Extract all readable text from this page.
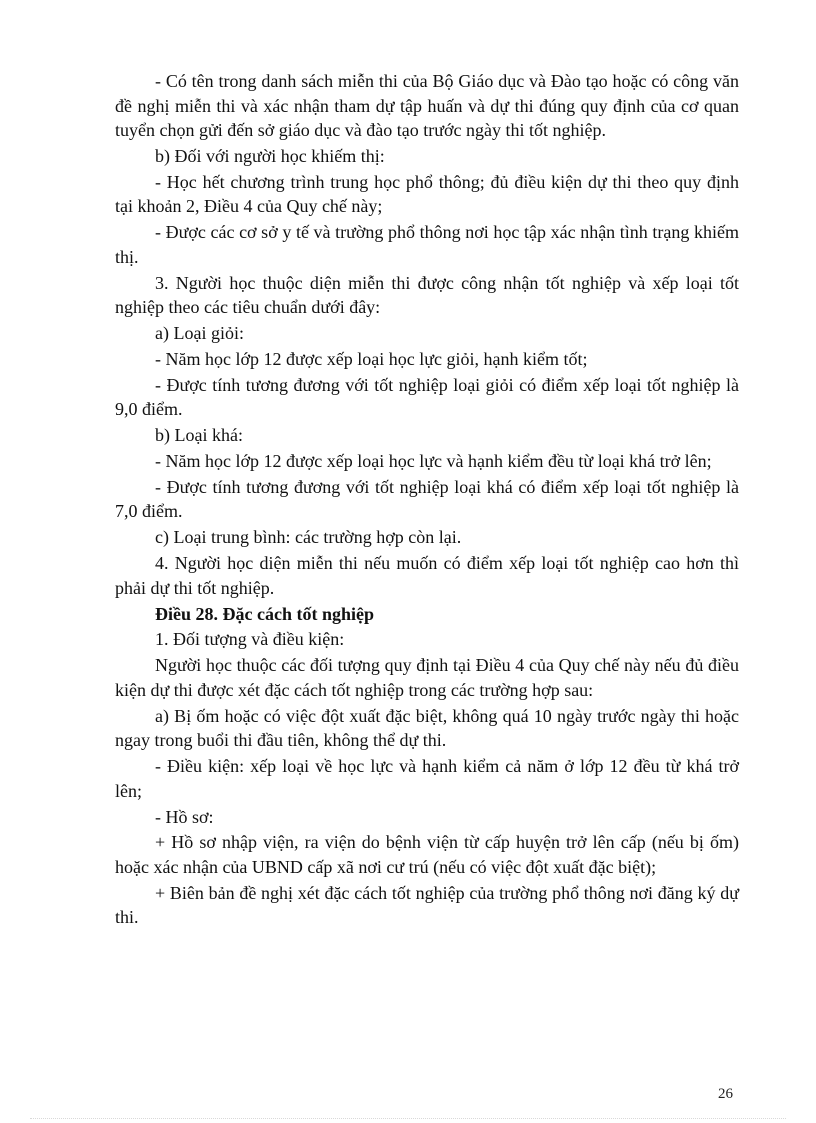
- Có tên trong danh sách miễn thi của Bộ Giáo dục và Đào tạo hoặc có công văn đề nghị miễn thi và xác nhận tham dự tập huấn và dự thi đúng quy định của cơ quan tuyển chọn gửi đến sở giáo dục và đào tạo trước ngày thi tốt nghiệp.

b) Đối với người học khiếm thị:

- Học hết chương trình trung học phổ thông; đủ điều kiện dự thi theo quy định tại khoản 2, Điều 4 của Quy chế này;

- Được các cơ sở y tế và trường phổ thông nơi học tập xác nhận tình trạng khiếm thị.

3. Người học thuộc diện miễn thi được công nhận tốt nghiệp và xếp loại tốt nghiệp theo các tiêu chuẩn dưới đây:

a) Loại giỏi:

- Năm học lớp 12 được xếp loại học lực giỏi, hạnh kiểm tốt;

- Được tính tương đương với tốt nghiệp loại giỏi có điểm xếp loại tốt nghiệp là 9,0 điểm.

b) Loại khá:

- Năm học lớp 12 được xếp loại học lực và hạnh kiểm đều từ loại khá trở lên;

- Được tính tương đương với tốt nghiệp loại khá có điểm xếp loại tốt nghiệp là 7,0 điểm.

c) Loại trung bình: các trường hợp còn lại.

4. Người học diện miễn thi nếu muốn có điểm xếp loại tốt nghiệp cao hơn thì phải dự thi tốt nghiệp.

Điều 28. Đặc cách tốt nghiệp

1. Đối tượng và điều kiện:

Người học thuộc các đối tượng quy định tại Điều 4 của Quy chế này nếu đủ điều kiện dự thi được xét đặc cách tốt nghiệp trong các trường hợp sau:

a) Bị ốm hoặc có việc đột xuất đặc biệt, không quá 10 ngày trước ngày thi hoặc ngay trong buổi thi đầu tiên, không thể dự thi.

- Điều kiện: xếp loại về học lực và hạnh kiểm cả năm ở lớp 12 đều từ khá trở lên;

- Hồ sơ:

+ Hồ sơ nhập viện, ra viện do bệnh viện từ cấp huyện trở lên cấp (nếu bị ốm) hoặc xác nhận của UBND cấp xã nơi cư trú (nếu có việc đột xuất đặc biệt);

+ Biên bản đề nghị xét đặc cách tốt nghiệp của trường phổ thông nơi đăng ký dự thi.

26
